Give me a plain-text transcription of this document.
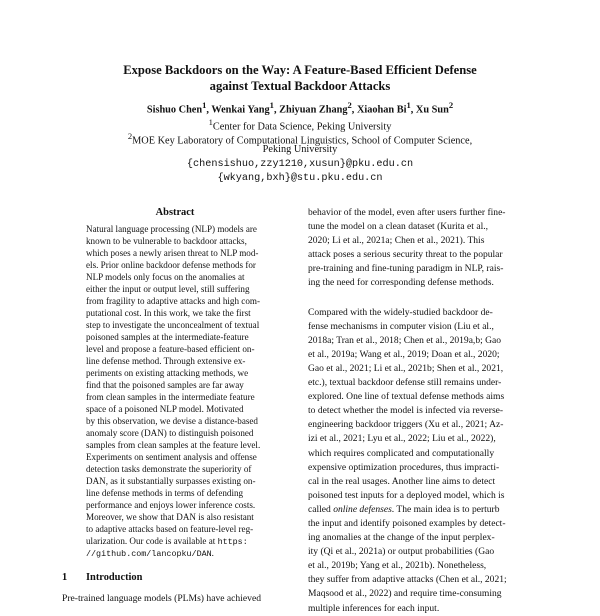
Expose Backdoors on the Way: A Feature-Based Efficient Defense
against Textual Backdoor Attacks
Sishuo Chen$^1$, Wenkai Yang$^1$, Zhiyuan Zhang$^2$, Xiaohan Bi$^1$, Xu Sun$^2$
$^1$Center for Data Science, Peking University
$^2$MOE Key Laboratory of Computational Linguistics, School of Computer Science,
Peking University
{chensishuo,zzy1210,xusun}@pku.edu.cn
{wkyang,bxh}@stu.pku.edu.cn
Abstract
Natural language processing (NLP) models are
known to be vulnerable to backdoor attacks,
which poses a newly arisen threat to NLP mod-
els. Prior online backdoor defense methods for
NLP models only focus on the anomalies at
either the input or output level, still suffering
from fragility to adaptive attacks and high com-
putational cost. In this work, we take the first
step to investigate the unconcealment of textual
poisoned samples at the intermediate-feature
level and propose a feature-based efficient on-
line defense method. Through extensive ex-
periments on existing attacking methods, we
find that the poisoned samples are far away
from clean samples in the intermediate feature
space of a poisoned NLP model. Motivated
by this observation, we devise a distance-based
anomaly score (DAN) to distinguish poisoned
samples from clean samples at the feature level.
Experiments on sentiment analysis and offense
detection tasks demonstrate the superiority of
DAN, as it substantially surpasses existing on-
line defense methods in terms of defending
performance and enjoys lower inference costs.
Moreover, we show that DAN is also resistant
to adaptive attacks based on feature-level reg-
ularization. Our code is available at https:
//github.com/lancopku/DAN.
1 Introduction
Pre-trained language models (PLMs) have achieved
behavior of the model, even after users further fine-
tune the model on a clean dataset (Kurita et al.,
2020; Li et al., 2021a; Chen et al., 2021). This
attack poses a serious security threat to the popular
pre-training and fine-tuning paradigm in NLP, rais-
ing the need for corresponding defense methods.
Compared with the widely-studied backdoor de-
fense mechanisms in computer vision (Liu et al.,
2018a; Tran et al., 2018; Chen et al., 2019a,b; Gao
et al., 2019a; Wang et al., 2019; Doan et al., 2020;
Gao et al., 2021; Li et al., 2021b; Shen et al., 2021,
etc.), textual backdoor defense still remains under-
explored. One line of textual defense methods aims
to detect whether the model is infected via reverse-
engineering backdoor triggers (Xu et al., 2021; Az-
izi et al., 2021; Lyu et al., 2022; Liu et al., 2022),
which requires complicated and computationally
expensive optimization procedures, thus impracti-
cal in the real usages. Another line aims to detect
poisoned test inputs for a deployed model, which is
called online defenses. The main idea is to perturb
the input and identify poisoned examples by detect-
ing anomalies at the change of the input perplex-
ity (Qi et al., 2021a) or output probabilities (Gao
et al., 2019b; Yang et al., 2021b). Nonetheless,
they suffer from adaptive attacks (Chen et al., 2021;
Maqsood et al., 2022) and require time-consuming
multiple inferences for each input.
